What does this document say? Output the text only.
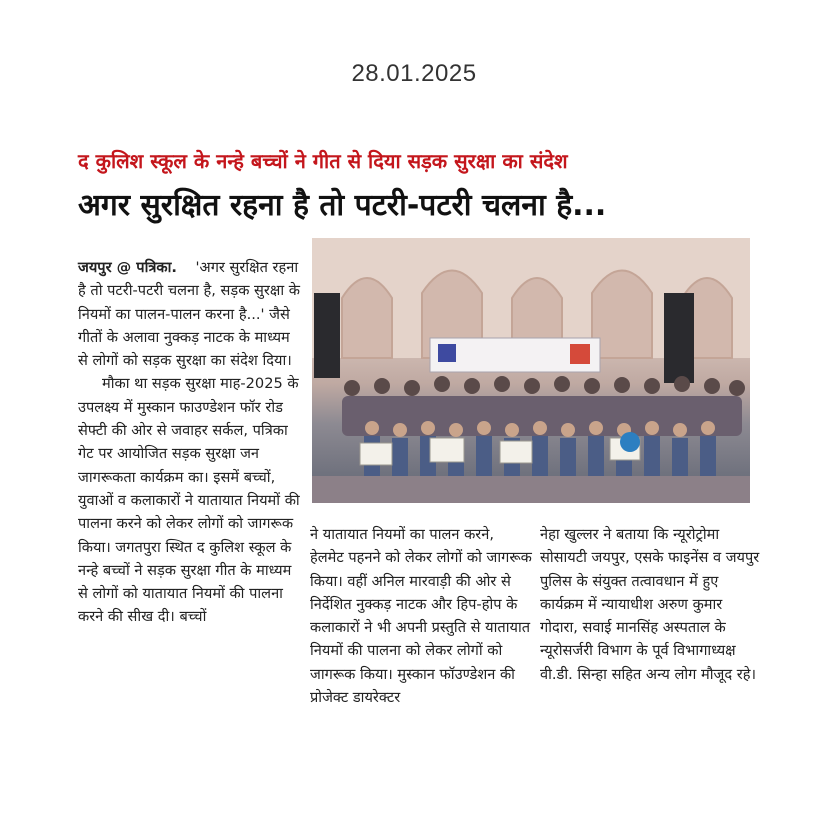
28.01.2025
द कुलिश स्कूल के नन्हे बच्चों ने गीत से दिया सड़क सुरक्षा का संदेश
अगर सुरक्षित रहना है तो पटरी-पटरी चलना है...

जयपुर @ पत्रिका. 'अगर सुरक्षित रहना है तो पटरी-पटरी चलना है, सड़क सुरक्षा के नियमों का पालन-पालन करना है...' जैसे गीतों के अलावा नुक्कड़ नाटक के माध्यम से लोगों को सड़क सुरक्षा का संदेश दिया।

मौका था सड़क सुरक्षा माह-2025 के उपलक्ष्य में मुस्कान फाउण्डेशन फॉर रोड सेफ्टी की ओर से जवाहर सर्कल, पत्रिका गेट पर आयोजित सड़क सुरक्षा जन जागरूकता कार्यक्रम का। इसमें बच्चों, युवाओं व कलाकारों ने यातायात नियमों की पालना करने को लेकर लोगों को जागरूक किया। जगतपुरा स्थित द कुलिश स्कूल के नन्हे बच्चों ने सड़क सुरक्षा गीत के माध्यम से लोगों को यातायात नियमों की पालना करने की सीख दी। बच्चों

ने यातायात नियमों का पालन करने, हेलमेट पहनने को लेकर लोगों को जागरूक किया। वहीं अनिल मारवाड़ी की ओर से निर्देशित नुक्कड़ नाटक और हिप-होप के कलाकारों ने भी अपनी प्रस्तुति से यातायात नियमों की पालना को लेकर लोगों को जागरूक किया। मुस्कान फॉउण्डेशन की प्रोजेक्ट डायरेक्टर
नेहा खुल्लर ने बताया कि न्यूरोट्रोमा सोसायटी जयपुर, एसके फाइनेंस व जयपुर पुलिस के संयुक्त तत्वावधान में हुए कार्यक्रम में न्यायाधीश अरुण कुमार गोदारा, सवाई मानसिंह अस्पताल के न्यूरोसर्जरी विभाग के पूर्व विभागाध्यक्ष वी.डी. सिन्हा सहित अन्य लोग मौजूद रहे।
